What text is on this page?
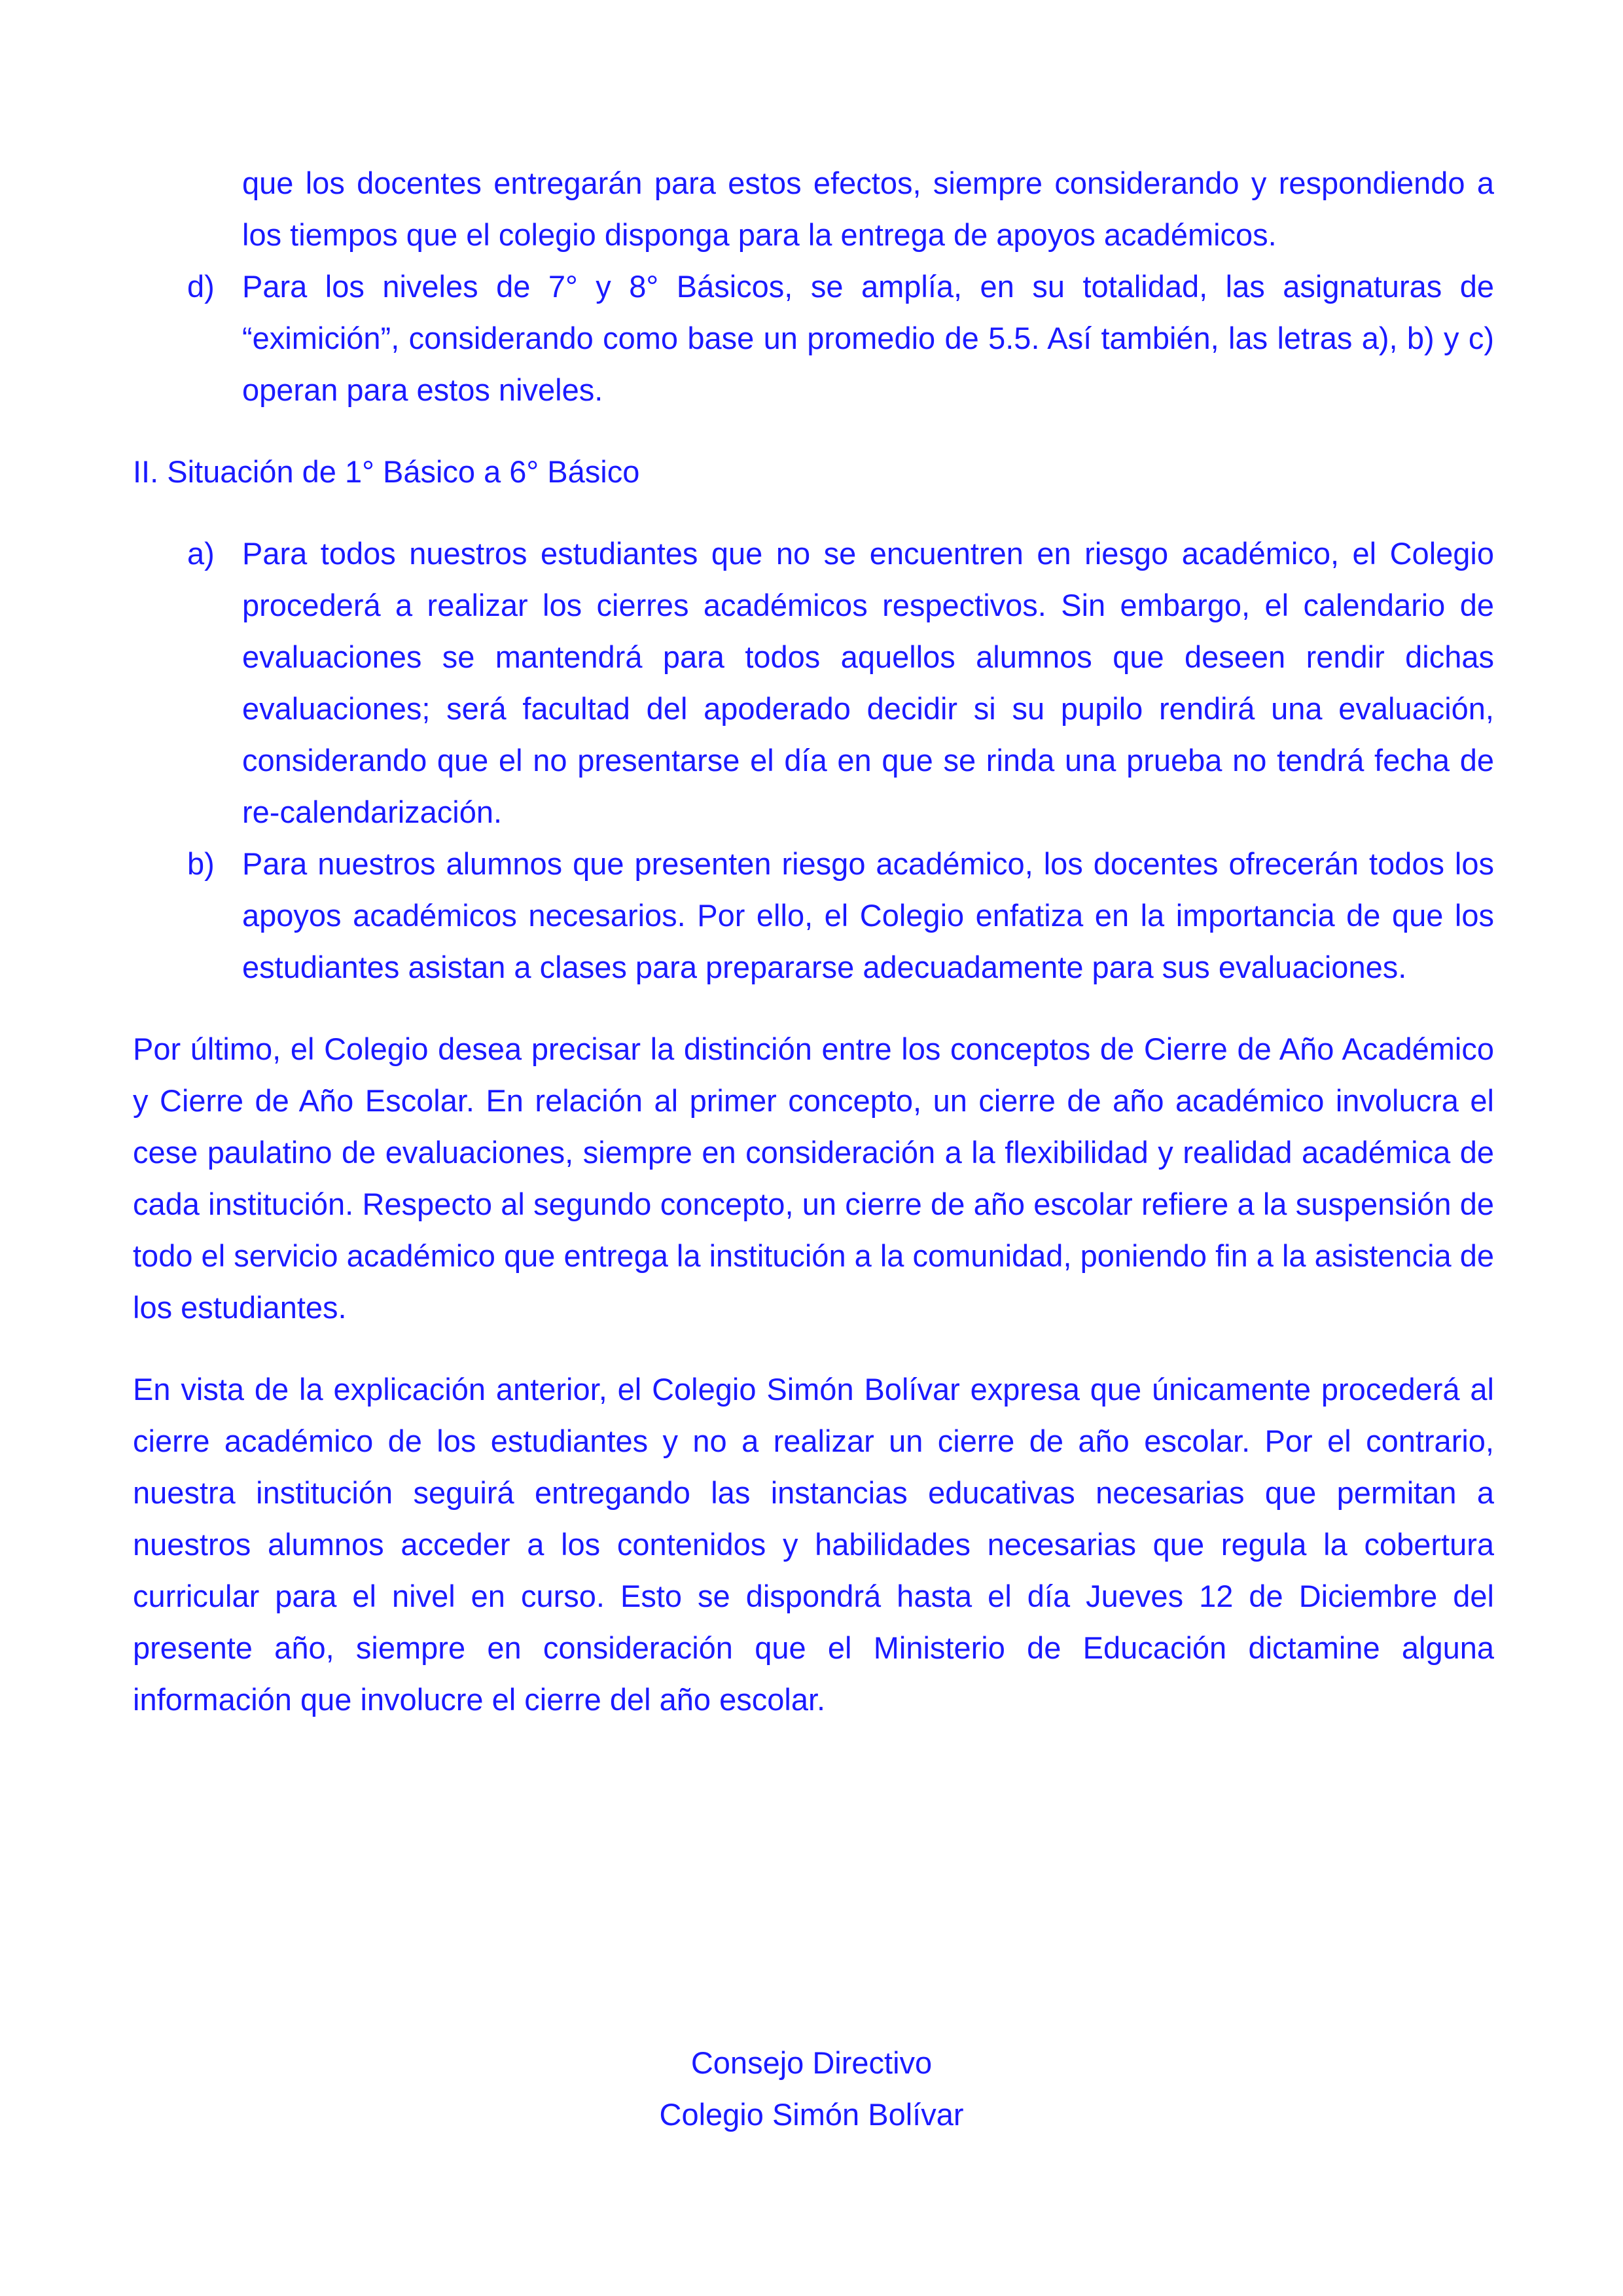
que los docentes entregarán para estos efectos, siempre considerando y respondiendo a los tiempos que el colegio disponga para la entrega de apoyos académicos.

d) Para los niveles de 7° y 8° Básicos, se amplía, en su totalidad, las asignaturas de “eximición”, considerando como base un promedio de 5.5. Así también, las letras a), b) y c) operan para estos niveles.

II. Situación de 1° Básico a 6° Básico

a) Para todos nuestros estudiantes que no se encuentren en riesgo académico, el Colegio procederá a realizar los cierres académicos respectivos. Sin embargo, el calendario de evaluaciones se mantendrá para todos aquellos alumnos que deseen rendir dichas evaluaciones; será facultad del apoderado decidir si su pupilo rendirá una evaluación, considerando que el no presentarse el día en que se rinda una prueba no tendrá fecha de re-calendarización.
b) Para nuestros alumnos que presenten riesgo académico, los docentes ofrecerán todos los apoyos académicos necesarios. Por ello, el Colegio enfatiza en la importancia de que los estudiantes asistan a clases para prepararse adecuadamente para sus evaluaciones.

Por último, el Colegio desea precisar la distinción entre los conceptos de Cierre de Año Académico y Cierre de Año Escolar. En relación al primer concepto, un cierre de año académico involucra el cese paulatino de evaluaciones, siempre en consideración a la flexibilidad y realidad académica de cada institución. Respecto al segundo concepto, un cierre de año escolar refiere a la suspensión de todo el servicio académico que entrega la institución a la comunidad, poniendo fin a la asistencia de los estudiantes.

En vista de la explicación anterior, el Colegio Simón Bolívar expresa que únicamente procederá al cierre académico de los estudiantes y no a realizar un cierre de año escolar. Por el contrario, nuestra institución seguirá entregando las instancias educativas necesarias que permitan a nuestros alumnos acceder a los contenidos y habilidades necesarias que regula la cobertura curricular para el nivel en curso. Esto se dispondrá hasta el día Jueves 12 de Diciembre del presente año, siempre en consideración que el Ministerio de Educación dictamine alguna información que involucre el cierre del año escolar.

Consejo Directivo
Colegio Simón Bolívar
